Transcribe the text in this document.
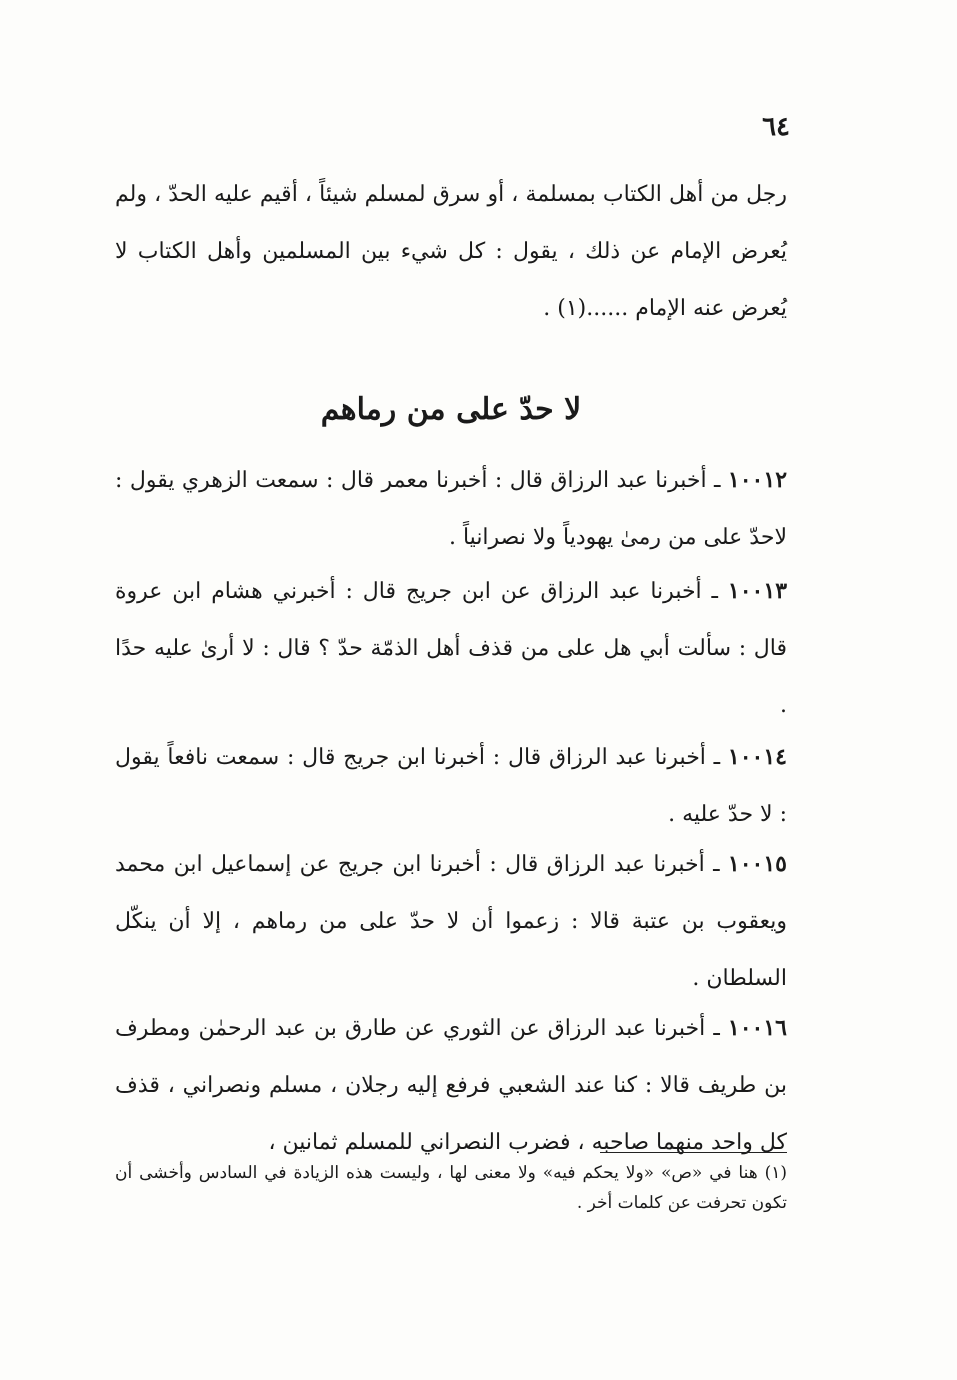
٦٤

رجل من أهل الكتاب بمسلمة ، أو سرق لمسلم شيئاً ، أقيم عليه الحدّ ، ولم يُعرض الإمام عن ذلك ، يقول : كل شيء بين المسلمين وأهل الكتاب لا يُعرض عنه الإمام ......(١) .

لا حدّ على من رماهم

١٠٠١٢ ـ أخبرنا عبد الرزاق قال : أخبرنا معمر قال : سمعت الزهري يقول : لاحدّ على من رمىٰ يهودياً ولا نصرانياً .

١٠٠١٣ ـ أخبرنا عبد الرزاق عن ابن جريج قال : أخبرني هشام ابن عروة قال : سألت أبي هل على من قذف أهل الذمّة حدّ ؟ قال : لا أرىٰ عليه حدًا .

١٠٠١٤ ـ أخبرنا عبد الرزاق قال : أخبرنا ابن جريج قال : سمعت نافعاً يقول : لا حدّ عليه .

١٠٠١٥ ـ أخبرنا عبد الرزاق قال : أخبرنا ابن جريج عن إسماعيل ابن محمد ويعقوب بن عتبة قالا : زعموا أن لا حدّ على من رماهم ، إلا أن ينكّل السلطان .

١٠٠١٦ ـ أخبرنا عبد الرزاق عن الثوري عن طارق بن عبد الرحمٰن ومطرف بن طريف قالا : كنا عند الشعبي فرفع إليه رجلان ، مسلم ونصراني ، قذف كل واحد منهما صاحبه ، فضرب النصراني للمسلم ثمانين ،

(١) هنا في «ص» «ولا يحكم فيه» ولا معنى لها ، وليست هذه الزيادة في السادس وأخشى أن تكون تحرفت عن كلمات أخر .
